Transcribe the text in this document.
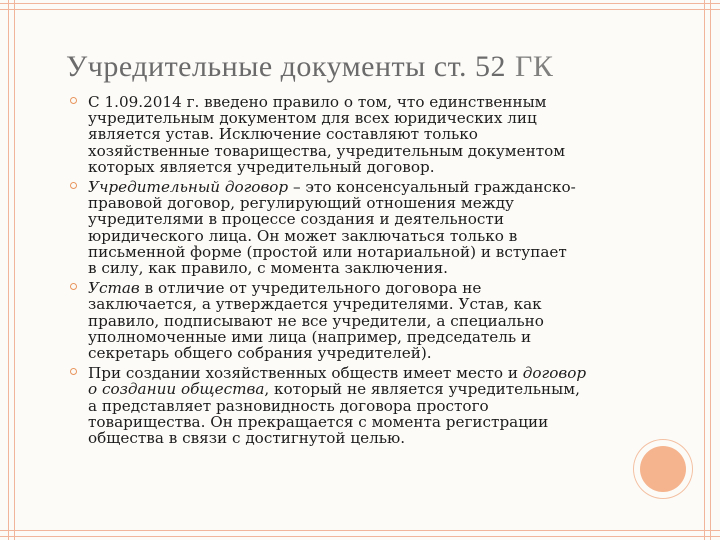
Учредительные документы ст. 52 ГК
С 1.09.2014 г. введено правило о том, что единственным
учредительным документом для всех юридических лиц
является устав. Исключение составляют только
хозяйственные товарищества, учредительным документом
которых является учредительный договор.
Учредительный договор – это консенсуальный гражданско-
правовой договор, регулирующий отношения между
учредителями в процессе создания и деятельности
юридического лица. Он может заключаться только в
письменной форме (простой или нотариальной) и вступает
в силу, как правило, с момента заключения.
Устав в отличие от учредительного договора не
заключается, а утверждается учредителями. Устав, как
правило, подписывают не все учредители, а специально
уполномоченные ими лица (например, председатель и
секретарь общего собрания учредителей).
При создании хозяйственных обществ имеет место и договор
о создании общества, который не является учредительным,
а представляет разновидность договора простого
товарищества. Он прекращается с момента регистрации
общества в связи с достигнутой целью.
